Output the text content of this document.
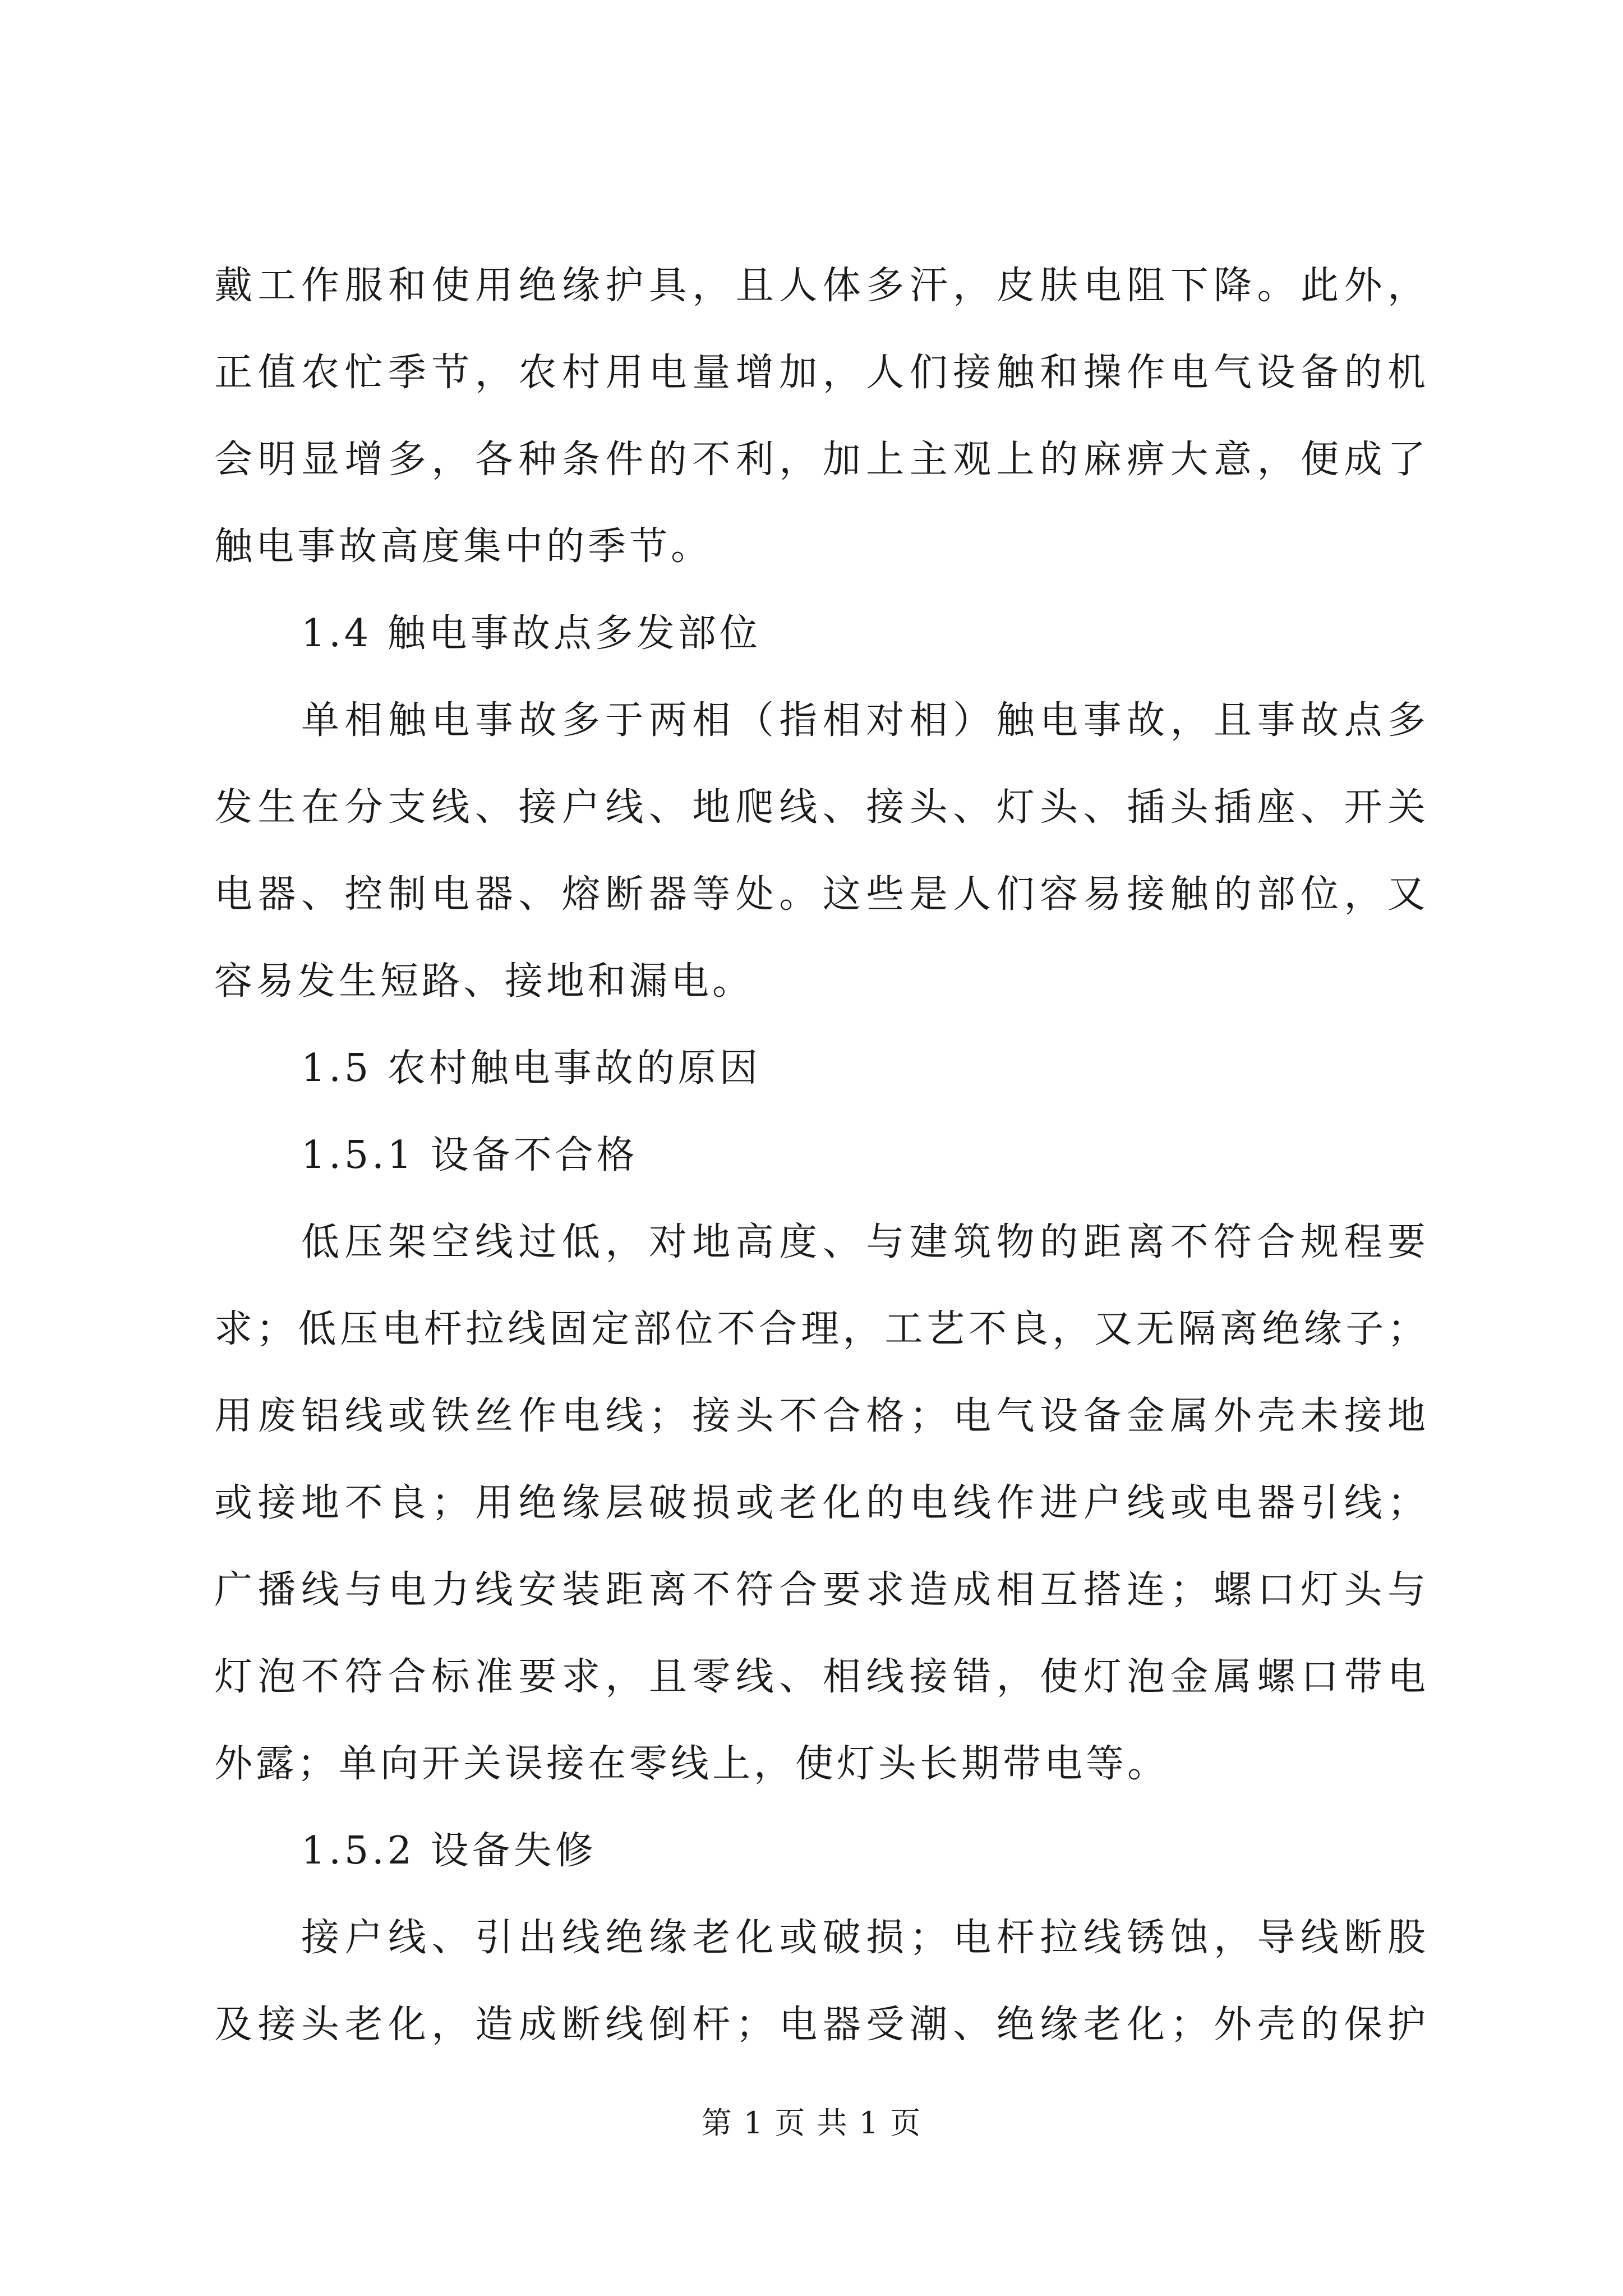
戴工作服和使用绝缘护具，且人体多汗，皮肤电阻下降。此外，
正值农忙季节，农村用电量增加，人们接触和操作电气设备的机
会明显增多，各种条件的不利，加上主观上的麻痹大意，便成了
触电事故高度集中的季节。
1.4 触电事故点多发部位
单相触电事故多于两相（指相对相）触电事故，且事故点多
发生在分支线、接户线、地爬线、接头、灯头、插头插座、开关
电器、控制电器、熔断器等处。这些是人们容易接触的部位，又
容易发生短路、接地和漏电。
1.5 农村触电事故的原因
1.5.1 设备不合格
低压架空线过低，对地高度、与建筑物的距离不符合规程要
求；低压电杆拉线固定部位不合理，工艺不良，又无隔离绝缘子；
用废铝线或铁丝作电线；接头不合格；电气设备金属外壳未接地
或接地不良；用绝缘层破损或老化的电线作进户线或电器引线；
广播线与电力线安装距离不符合要求造成相互搭连；螺口灯头与
灯泡不符合标准要求，且零线、相线接错，使灯泡金属螺口带电
外露；单向开关误接在零线上，使灯头长期带电等。
1.5.2 设备失修
接户线、引出线绝缘老化或破损；电杆拉线锈蚀，导线断股
及接头老化，造成断线倒杆；电器受潮、绝缘老化；外壳的保护
第 1 页 共 1 页
